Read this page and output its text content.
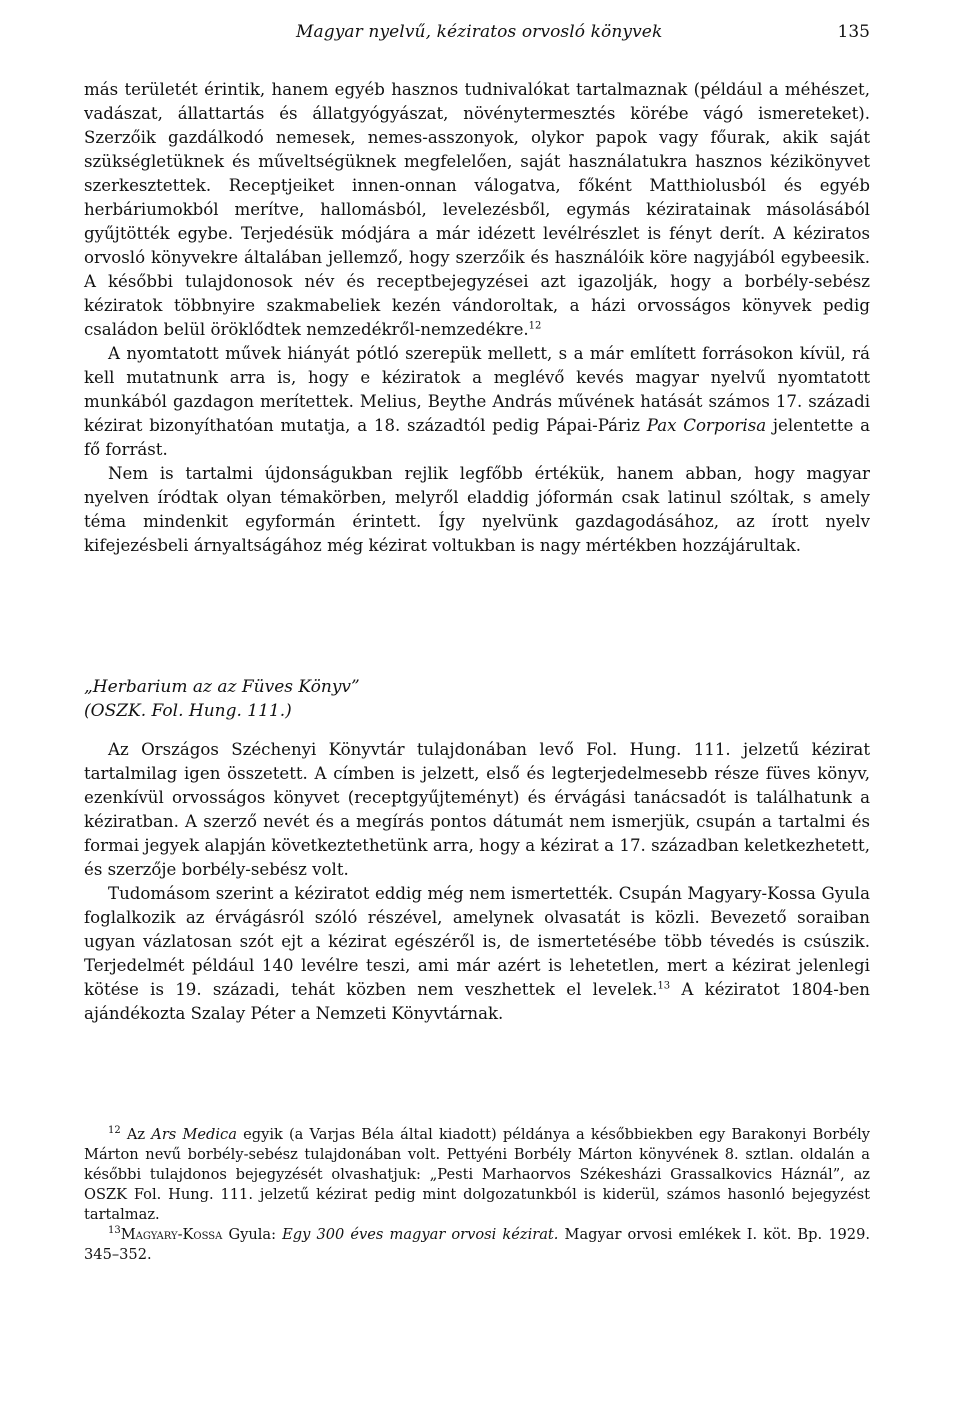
Magyar nyelvű, kéziratos orvosló könyvek	135

más területét érintik, hanem egyéb hasznos tudnivalókat tartalmaznak (például a méhészet, vadászat, állattartás és állatgyógyászat, növénytermesztés körébe vágó ismereteket). Szerzőik gazdálkodó nemesek, nemes-asszonyok, olykor papok vagy főurak, akik saját szükségletüknek és műveltségüknek megfelelően, saját használatukra hasznos kézikönyvet szerkesztettek. Receptjeiket innen-onnan válogatva, főként Matthiolusból és egyéb herbáriumokból merítve, hallomásból, levelezésből, egymás kéziratainak másolásából gyűjtötték egybe. Terjedésük módjára a már idézett levélrészlet is fényt derít. A kéziratos orvosló könyvekre általában jellemző, hogy szerzőik és használóik köre nagyjából egybeesik. A későbbi tulajdonosok név és receptbejegyzései azt igazolják, hogy a borbély-sebész kéziratok többnyire szakmabeliek kezén vándoroltak, a házi orvosságos könyvek pedig családon belül öröklődtek nemzedékről-nemzedékre.$^{12}$

A nyomtatott művek hiányát pótló szerepük mellett, s a már említett forrásokon kívül, rá kell mutatnunk arra is, hogy e kéziratok a meglévő kevés magyar nyelvű nyomtatott munkából gazdagon merítettek. Melius, Beythe András művének hatását számos 17. századi kézirat bizonyíthatóan mutatja, a 18. századtól pedig Pápai-Páriz Pax Corporisa jelentette a fő forrást.

Nem is tartalmi újdonságukban rejlik legfőbb értékük, hanem abban, hogy magyar nyelven íródtak olyan témakörben, melyről eladdig jóformán csak latinul szóltak, s amely téma mindenkit egyformán érintett. Így nyelvünk gazdagodásához, az írott nyelv kifejezésbeli árnyaltságához még kézirat voltukban is nagy mértékben hozzájárultak.

„Herbarium az az Füves Könyv”
(OSZK. Fol. Hung. 111.)

Az Országos Széchenyi Könyvtár tulajdonában levő Fol. Hung. 111. jelzetű kézirat tartalmilag igen összetett. A címben is jelzett, első és legterjedelmesebb része füves könyv, ezenkívül orvosságos könyvet (receptgyűjteményt) és érvágási tanácsadót is találhatunk a kéziratban. A szerző nevét és a megírás pontos dátumát nem ismerjük, csupán a tartalmi és formai jegyek alapján következtethetünk arra, hogy a kézirat a 17. században keletkezhetett, és szerzője borbély-sebész volt.

Tudomásom szerint a kéziratot eddig még nem ismertették. Csupán Magyary-Kossa Gyula foglalkozik az érvágásról szóló részével, amelynek olvasatát is közli. Bevezető soraiban ugyan vázlatosan szót ejt a kézirat egészéről is, de ismertetésébe több tévedés is csúszik. Terjedelmét például 140 levélre teszi, ami már azért is lehetetlen, mert a kézirat jelenlegi kötése is 19. századi, tehát közben nem veszhettek el levelek.$^{13}$ A kéziratot 1804-ben ajándékozta Szalay Péter a Nemzeti Könyvtárnak.

$^{12}$ Az Ars Medica egyik (a Varjas Béla által kiadott) példánya a későbbiekben egy Barakonyi Borbély Márton nevű borbély-sebész tulajdonában volt. Pettyéni Borbély Márton könyvének 8. sztlan. oldalán a későbbi tulajdonos bejegyzését olvashatjuk: „Pesti Marhaorvos Székesházi Grassalkovics Háznál”, az OSZK Fol. Hung. 111. jelzetű kézirat pedig mint dolgozatunkból is kiderül, számos hasonló bejegyzést tartalmaz.

$^{13}$Magyary-Kossa Gyula: Egy 300 éves magyar orvosi kézirat. Magyar orvosi emlékek I. köt. Bp. 1929. 345–352.
